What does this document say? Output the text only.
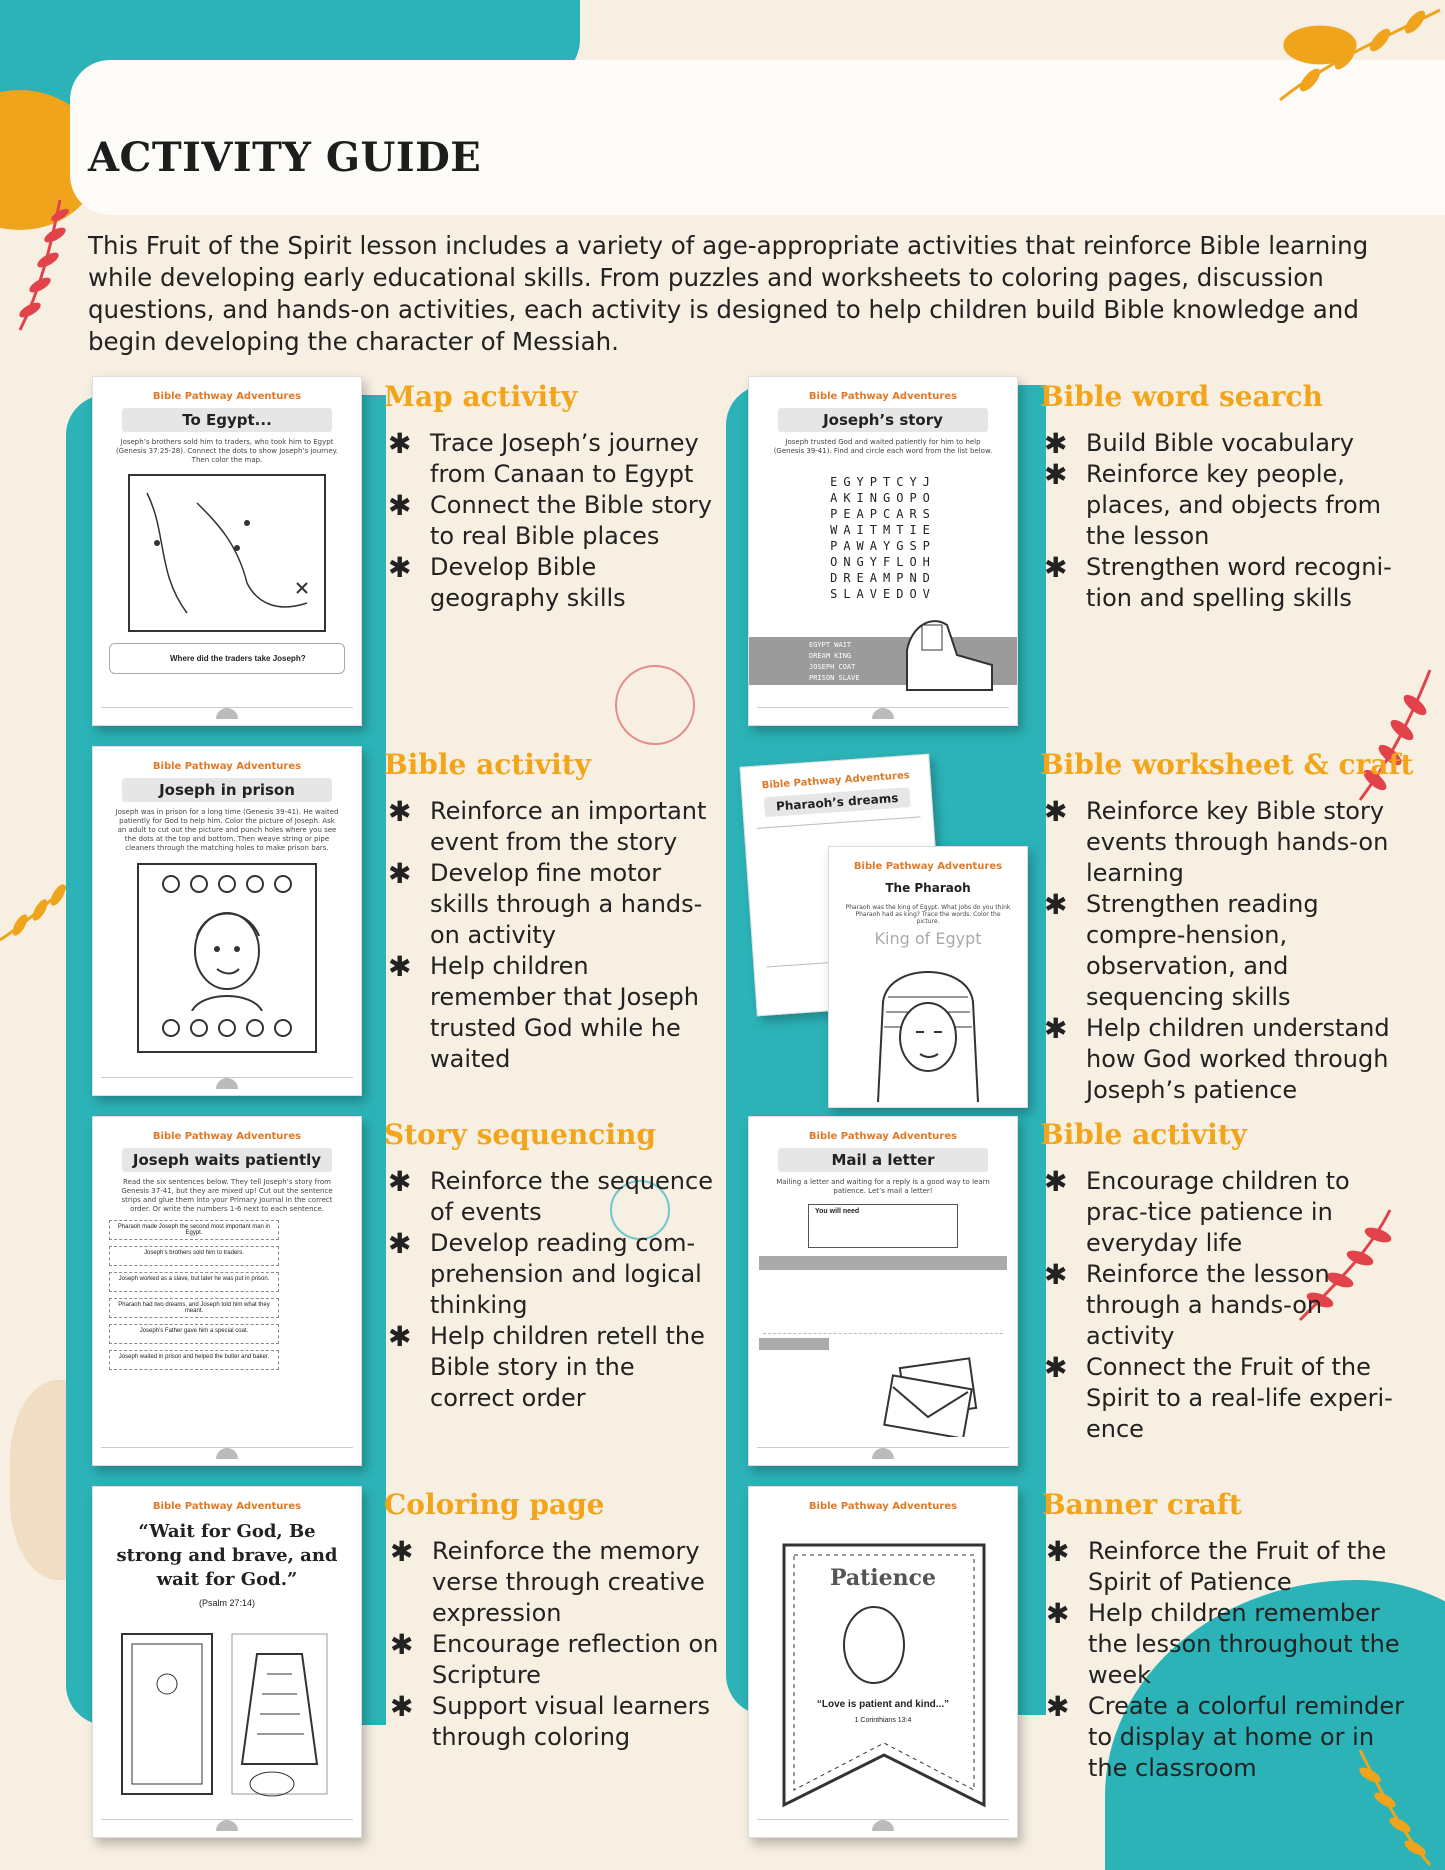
ACTIVITY GUIDE

This Fruit of the Spirit lesson includes a variety of age-appropriate activities that reinforce Bible learning while developing early educational skills. From puzzles and worksheets to coloring pages, discussion questions, and hands-on activities, each activity is designed to help children build Bible knowledge and begin developing the character of Messiah.

Bible Pathway Adventures
To Egypt...
Joseph’s brothers sold him to traders, who took him to Egypt (Genesis 37:25-28). Connect the dots to show Joseph’s journey. Then color the map.
Where did the traders take Joseph?
Map activity
✱ Trace Joseph’s journey from Canaan to Egypt
✱ Connect the Bible story to real Bible places
✱ Develop Bible geography skills
Bible Pathway Adventures
Joseph in prison
Joseph was in prison for a long time (Genesis 39-41). He waited patiently for God to help him. Color the picture of Joseph. Ask an adult to cut out the picture and punch holes where you see the dots at the top and bottom. Then weave string or pipe cleaners through the matching holes to make prison bars.
Bible activity
✱ Reinforce an important event from the story
✱ Develop fine motor skills through a hands-on activity
✱ Help children remember that Joseph trusted God while he waited
Bible Pathway Adventures
Joseph waits patiently
Read the six sentences below. They tell Joseph’s story from Genesis 37-41, but they are mixed up! Cut out the sentence strips and glue them into your Primary Journal in the correct order. Or write the numbers 1-6 next to each sentence.
Pharaoh made Joseph the second most important man in Egypt.
Joseph’s brothers sold him to traders.
Joseph worked as a slave, but later he was put in prison.
Pharaoh had two dreams, and Joseph told him what they meant.
Joseph’s Father gave him a special coat.
Joseph waited in prison and helped the butler and baker.
Story sequencing
✱ Reinforce the sequence of events
✱ Develop reading com-prehension and logical thinking
✱ Help children retell the Bible story in the correct order
Bible Pathway Adventures
“Wait for God, Be strong and brave, and wait for God.”
(Psalm 27:14)
Coloring page
✱ Reinforce the memory verse through creative expression
✱ Encourage reflection on Scripture
✱ Support visual learners through coloring
Bible Pathway Adventures
Joseph’s story
Joseph trusted God and waited patiently for him to help (Genesis 39-41). Find and circle each word from the list below.
EGYPTCYJ
AKINGOPO
PEAPCARS
WAITMTIE
PAWAYGSP
ONGYFLOH
DREAMPND
SLAVEDOV
EGYPT WAIT
DREAM KING
JOSEPH COAT
PRISON SLAVE
Bible word search
✱ Build Bible vocabulary
✱ Reinforce key people, places, and objects from the lesson
✱ Strengthen word recogni-tion and spelling skills
Bible Pathway Adventures
Pharaoh’s dreams
Bible Pathway Adventures
The Pharaoh
Pharaoh was the king of Egypt. What jobs do you think Pharaoh had as king? Trace the words. Color the picture.
King of Egypt
Bible worksheet & craft
✱ Reinforce key Bible story events through hands-on learning
✱ Strengthen reading compre-hension, observation, and sequencing skills
✱ Help children understand how God worked through Joseph’s patience
Bible Pathway Adventures
Mail a letter
Mailing a letter and waiting for a reply is a good way to learn patience. Let’s mail a letter!
You will need
Bible activity
✱ Encourage children to prac-tice patience in everyday life
✱ Reinforce the lesson through a hands-on activity
✱ Connect the Fruit of the Spirit to a real-life experi-ence
Bible Pathway Adventures
Patience
“Love is patient and kind...”
1 Corinthians 13:4
Banner craft
✱ Reinforce the Fruit of the Spirit of Patience
✱ Help children remember the lesson throughout the week
✱ Create a colorful reminder to display at home or in the classroom
